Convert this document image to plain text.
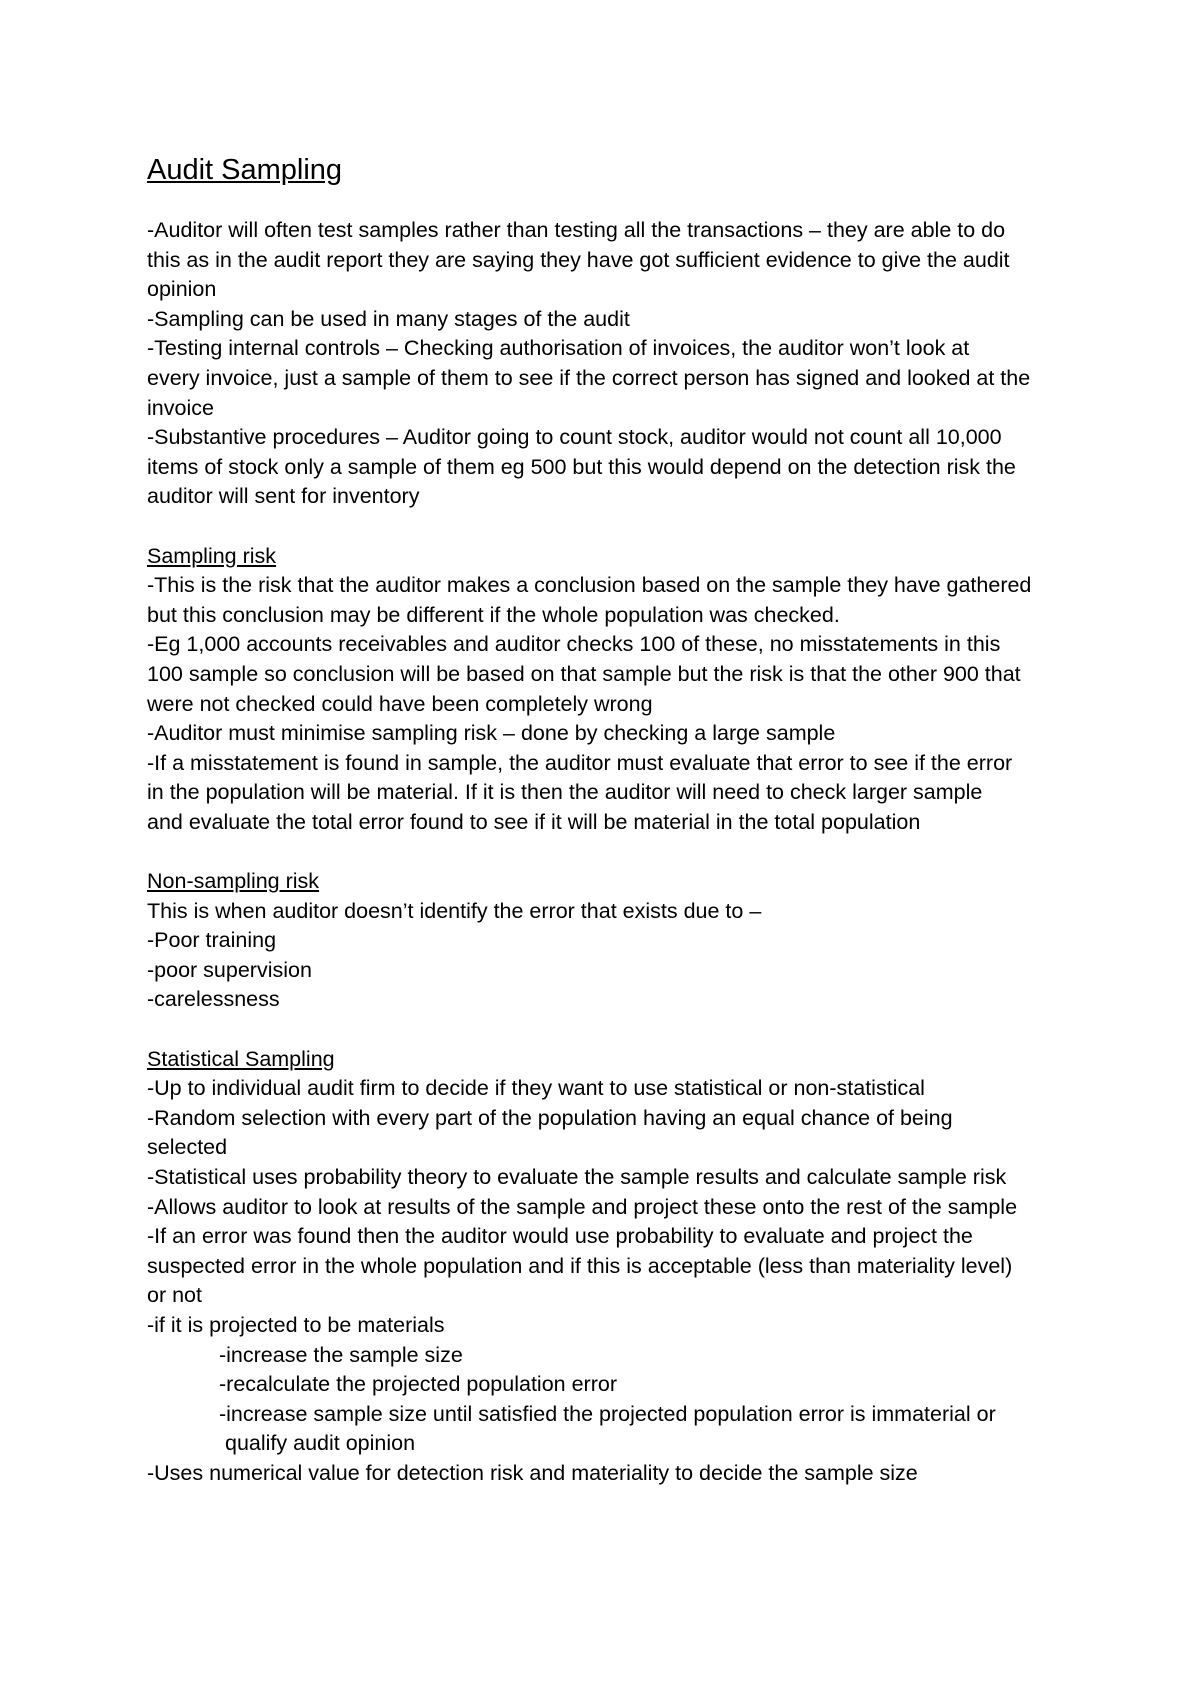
Audit Sampling

-Auditor will often test samples rather than testing all the transactions – they are able to do

this as in the audit report they are saying they have got sufficient evidence to give the audit

opinion

-Sampling can be used in many stages of the audit

-Testing internal controls – Checking authorisation of invoices, the auditor won’t look at

every invoice, just a sample of them to see if the correct person has signed and looked at the

invoice

-Substantive procedures – Auditor going to count stock, auditor would not count all 10,000

items of stock only a sample of them eg 500 but this would depend on the detection risk the

auditor will sent for inventory

Sampling risk

-This is the risk that the auditor makes a conclusion based on the sample they have gathered

but this conclusion may be different if the whole population was checked.

-Eg 1,000 accounts receivables and auditor checks 100 of these, no misstatements in this

100 sample so conclusion will be based on that sample but the risk is that the other 900 that

were not checked could have been completely wrong

-Auditor must minimise sampling risk – done by checking a large sample

-If a misstatement is found in sample, the auditor must evaluate that error to see if the error

in the population will be material. If it is then the auditor will need to check larger sample

and evaluate the total error found to see if it will be material in the total population

Non-sampling risk

This is when auditor doesn’t identify the error that exists due to –

-Poor training

-poor supervision

-carelessness

Statistical Sampling

-Up to individual audit firm to decide if they want to use statistical or non-statistical

-Random selection with every part of the population having an equal chance of being

selected

-Statistical uses probability theory to evaluate the sample results and calculate sample risk

-Allows auditor to look at results of the sample and project these onto the rest of the sample

-If an error was found then the auditor would use probability to evaluate and project the

suspected error in the whole population and if this is acceptable (less than materiality level)

or not

-if it is projected to be materials

-increase the sample size

-recalculate the projected population error

-increase sample size until satisfied the projected population error is immaterial or

qualify audit opinion

-Uses numerical value for detection risk and materiality to decide the sample size
